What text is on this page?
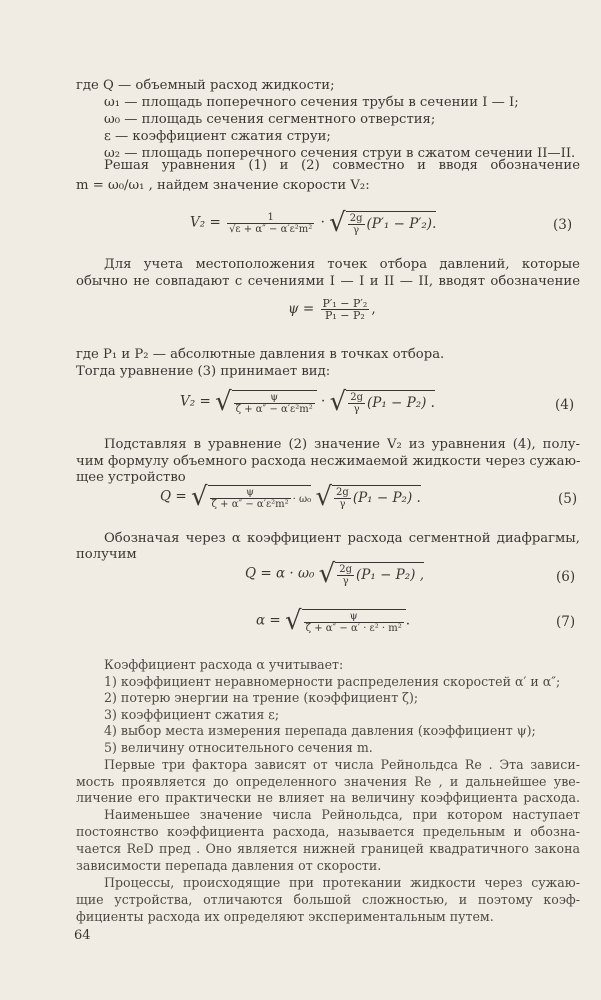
где Q — объемный расход жидкости;
ω₁ — площадь поперечного сечения трубы в сечении I — I;
ω₀ — площадь сечения сегментного отверстия;
ε — коэффициент сжатия струи;
ω₂ — площадь поперечного сечения струи в сжатом сечении II—II.
Решая уравнения (1) и (2) совместно и вводя обозначение
m = ω₀/ω₁ , найдем значение скорости V₂:
$V_2 = \frac{1}{\text{√ε + α″ − α′ε²m²}}$ · √ $\frac{2g}{\gamma} (P'_1 - P'_2)$.	(3)
Для учета местоположения точек отбора давлений, которые
обычно не совпадают с сечениями I — I и II — II, вводят обозначение
$\psi = \frac{\text{P′₁ − P′₂}}{\text{P₁ − P₂}}$ ,
где P₁ и P₂ — абсолютные давления в точках отбора.
Тогда уравнение (3) принимает вид:
V₂ = √ $\frac{\psi}{\text{ζ + α″ − α′ε²m²}}$ · √ $\frac{2g}{\gamma} (P_1 - P_2)$ .	(4)
Подставляя в уравнение (2) значение V₂ из уравнения (4), полу-
чим формулу объемного расхода несжимаемой жидкости через сужаю-
щее устройство
Q = √ $\frac{\psi}{\text{ζ + α″ − α′ε²m²}} \cdot \omega_0$ √ $\frac{2g}{\gamma} (P_1 - P_2)$ .	(5)
Обозначая через α коэффициент расхода сегментной диафрагмы,
получим
Q = α · ω₀ √ $\frac{2g}{\gamma} (P_1 - P_2)$ ,	(6)
α = √ $\frac{\psi}{\text{ζ + α″ − α′ · ε² · m²}}$ .	(7)
Коэффициент расхода α учитывает:
1) коэффициент неравномерности распределения скоростей α′ и α″;
2) потерю энергии на трение (коэффициент ζ);
3) коэффициент сжатия ε;
4) выбор места измерения перепада давления (коэффициент ψ);
5) величину относительного сечения m.
Первые три фактора зависят от числа Рейнольдса Re . Эта зависи-
мость проявляется до определенного значения Re , и дальнейшее уве-
личение его практически не влияет на величину коэффициента расхода.
Наименьшее значение числа Рейнольдса, при котором наступает
постоянство коэффициента расхода, называется предельным и обозна-
чается ReD пред . Оно является нижней границей квадратичного закона
зависимости перепада давления от скорости.
Процессы, происходящие при протекании жидкости через сужаю-
щие устройства, отличаются большой сложностью, и поэтому коэф-
фициенты расхода их определяют экспериментальным путем.
64
